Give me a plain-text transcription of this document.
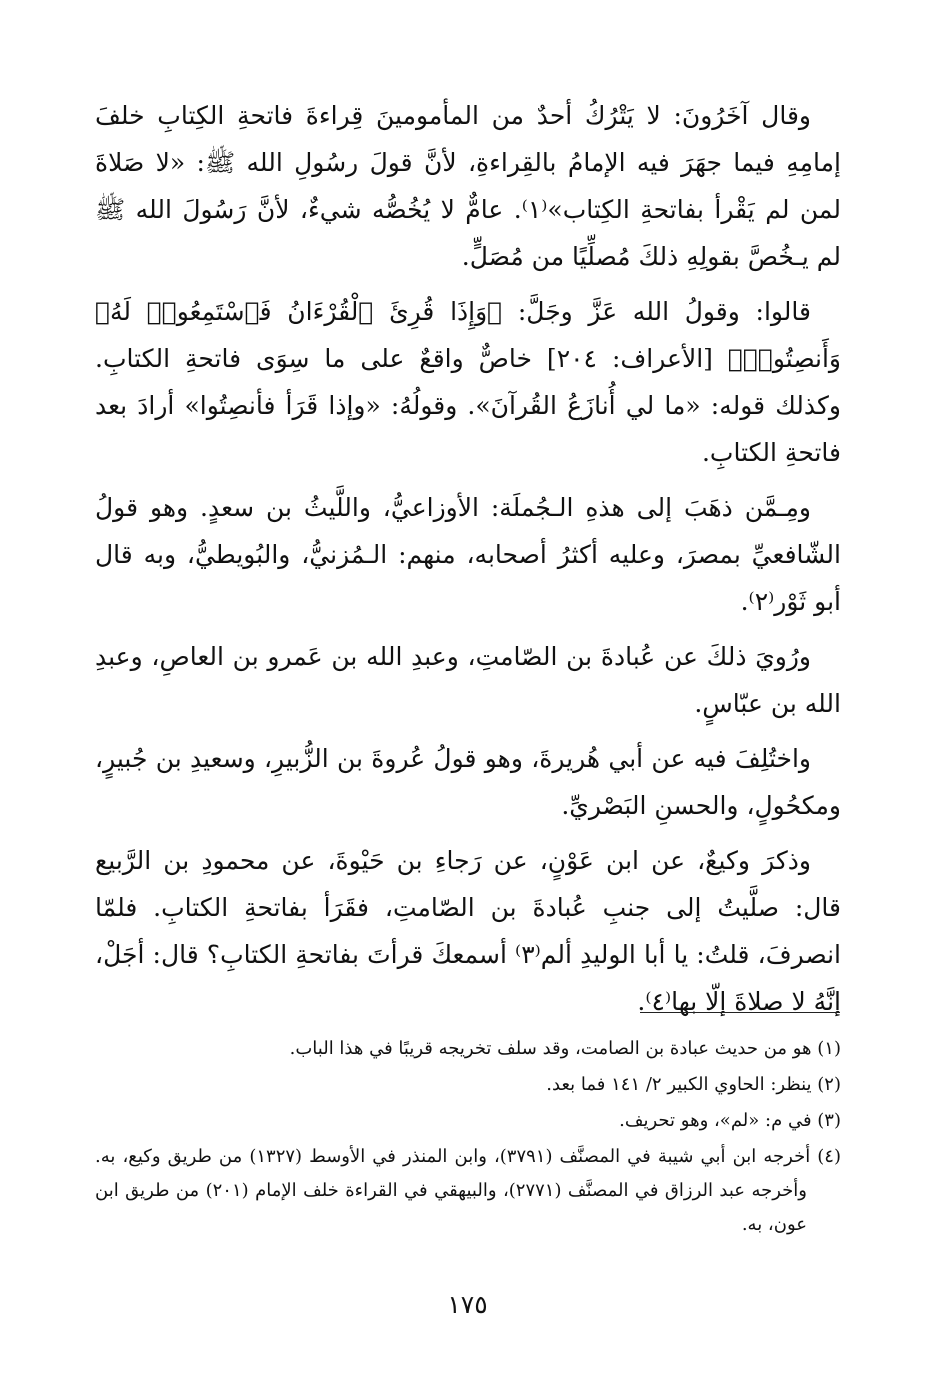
وقال آخَرُونَ: لا يَتْرُكُ أحدٌ من المأمومينَ قِراءةَ فاتحةِ الكِتابِ خلفَ إمامِهِ فيما جهَرَ فيه الإمامُ بالقِراءةِ، لأنَّ قولَ رسُولِ الله ﷺ: «لا صَلاةَ لمن لم يَقْرأ بفاتحةِ الكِتاب»⁽١⁾. عامٌّ لا يُخُصُّه شيءٌ، لأنَّ رَسُولَ الله ﷺ لم يـخُصَّ بقولِهِ ذلكَ مُصلِّيًا من مُصَلٍّ.

قالوا: وقولُ الله عَزَّ وجَلَّ: ﴿وَإِذَا قُرِئَ ٱلْقُرْءَانُ فَٱسْتَمِعُوا۟ لَهُۥ وَأَنصِتُوا۟﴾ [الأعراف: ٢٠٤] خاصٌّ واقعٌ على ما سِوَى فاتحةِ الكتابِ. وكذلك قوله: «ما لي أُنازَعُ القُرآنَ». وقولُهُ: «وإذا قَرَأ فأنصِتُوا» أرادَ بعد فاتحةِ الكتابِ.

ومِـمَّن ذهَبَ إلى هذهِ الـجُملَة: الأوزاعيُّ، واللَّيثُ بن سعدٍ. وهو قولُ الشّافعيِّ بمصرَ، وعليه أكثرُ أصحابه، منهم: الـمُزنيُّ، والبُويطيُّ، وبه قال أبو ثَوْر⁽٢⁾.

ورُويَ ذلكَ عن عُبادةَ بن الصّامتِ، وعبدِ الله بن عَمرو بن العاصِ، وعبدِ الله بن عبّاسٍ.

واختُلِفَ فيه عن أبي هُريرةَ، وهو قولُ عُروةَ بن الزُّبيرِ، وسعيدِ بن جُبيرٍ، ومكحُولٍ، والحسنِ البَصْريِّ.

وذكرَ وكيعٌ، عن ابن عَوْنٍ، عن رَجاءِ بن حَيْوةَ، عن محمودِ بن الرَّبيع قال: صلَّيتُ إلى جنبِ عُبادةَ بن الصّامتِ، فقَرَأ بفاتحةِ الكتابِ. فلمّا انصرفَ، قلتُ: يا أبا الوليدِ ألم⁽٣⁾ أسمعكَ قرأتَ بفاتحةِ الكتابِ؟ قال: أجَلْ، إنَّهُ لا صلاةَ إلّا بها⁽٤⁾.

(١) هو من حديث عبادة بن الصامت، وقد سلف تخريجه قريبًا في هذا الباب.

(٢) ينظر: الحاوي الكبير ٢/ ١٤١ فما بعد.

(٣) في م: «لم»، وهو تحريف.

(٤) أخرجه ابن أبي شيبة في المصنَّف (٣٧٩١)، وابن المنذر في الأوسط (١٣٢٧) من طريق وكيع، به. وأخرجه عبد الرزاق في المصنَّف (٢٧٧١)، والبيهقي في القراءة خلف الإمام (٢٠١) من طريق ابن عون، به.

١٧٥
